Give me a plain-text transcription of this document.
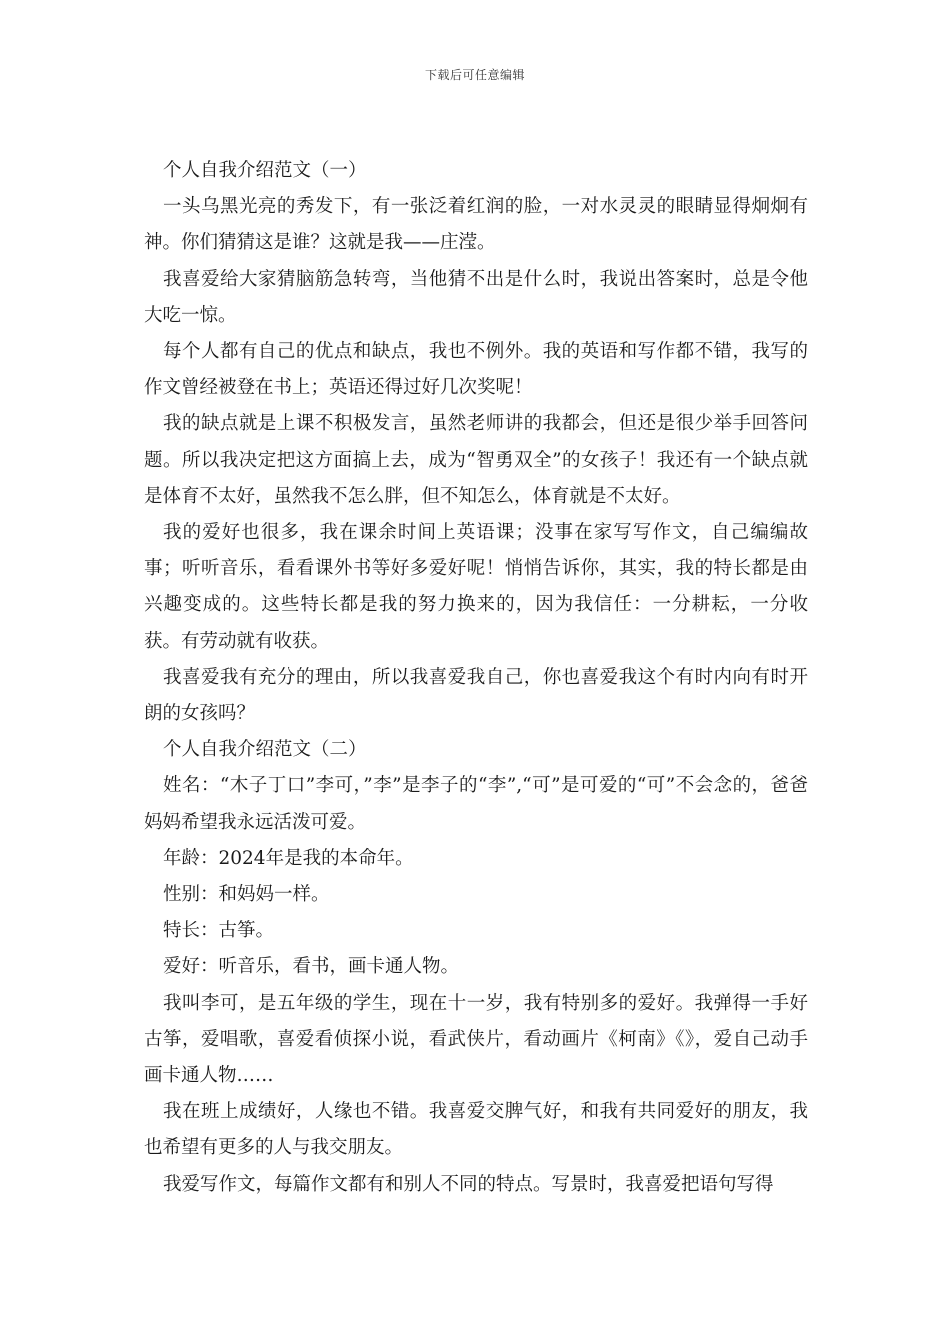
下载后可任意编辑

个人自我介绍范文（一）

一头乌黑光亮的秀发下，有一张泛着红润的脸，一对水灵灵的眼睛显得炯炯有神。你们猜猜这是谁？这就是我——庄滢。

我喜爱给大家猜脑筋急转弯，当他猜不出是什么时，我说出答案时，总是令他大吃一惊。

每个人都有自己的优点和缺点，我也不例外。我的英语和写作都不错，我写的作文曾经被登在书上；英语还得过好几次奖呢！

我的缺点就是上课不积极发言，虽然老师讲的我都会，但还是很少举手回答问题。所以我决定把这方面搞上去，成为“智勇双全”的女孩子！我还有一个缺点就是体育不太好，虽然我不怎么胖，但不知怎么，体育就是不太好。

我的爱好也很多，我在课余时间上英语课；没事在家写写作文，自己编编故事；听听音乐，看看课外书等好多爱好呢！悄悄告诉你，其实，我的特长都是由兴趣变成的。这些特长都是我的努力换来的，因为我信任：一分耕耘，一分收获。有劳动就有收获。

我喜爱我有充分的理由，所以我喜爱我自己，你也喜爱我这个有时内向有时开朗的女孩吗？

个人自我介绍范文（二）

姓名：“木子丁口”李可，”李”是李子的“李”,“可”是可爱的“可”不会念的，爸爸妈妈希望我永远活泼可爱。

年龄：2024年是我的本命年。

性别：和妈妈一样。

特长：古筝。

爱好：听音乐，看书，画卡通人物。

我叫李可，是五年级的学生，现在十一岁，我有特别多的爱好。我弹得一手好古筝，爱唱歌，喜爱看侦探小说，看武侠片，看动画片《柯南》《》，爱自己动手画卡通人物……

我在班上成绩好，人缘也不错。我喜爱交脾气好，和我有共同爱好的朋友，我也希望有更多的人与我交朋友。

我爱写作文，每篇作文都有和别人不同的特点。写景时，我喜爱把语句写得
